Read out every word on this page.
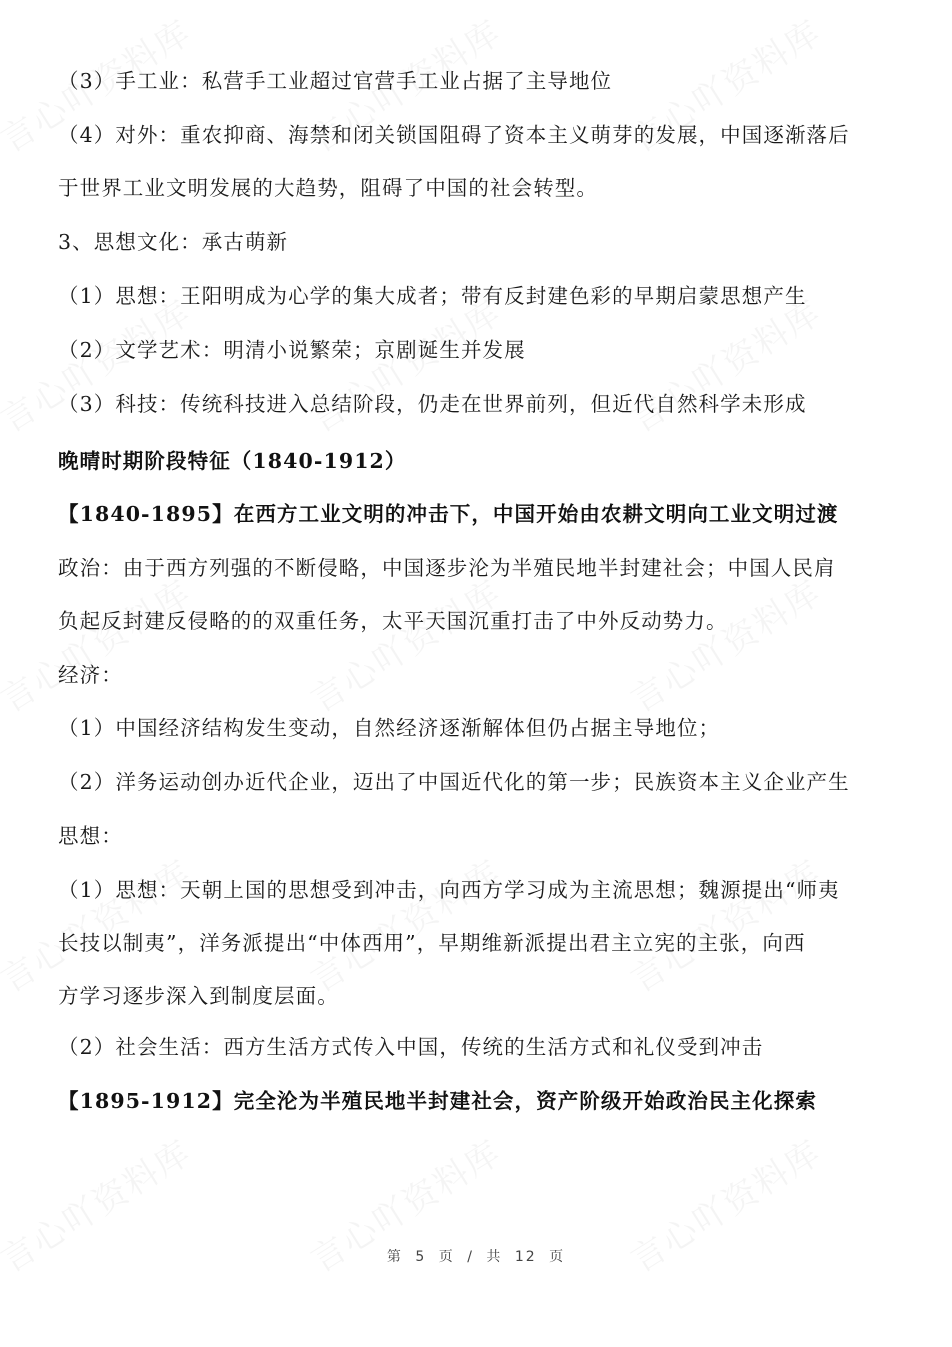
（3）手工业：私营手工业超过官营手工业占据了主导地位
（4）对外：重农抑商、海禁和闭关锁国阻碍了资本主义萌芽的发展，中国逐渐落后
于世界工业文明发展的大趋势，阻碍了中国的社会转型。
3、思想文化：承古萌新
（1）思想：王阳明成为心学的集大成者；带有反封建色彩的早期启蒙思想产生
（2）文学艺术：明清小说繁荣；京剧诞生并发展
（3）科技：传统科技进入总结阶段，仍走在世界前列，但近代自然科学未形成
晚晴时期阶段特征（1840-1912）
【1840-1895】在西方工业文明的冲击下，中国开始由农耕文明向工业文明过渡
政治：由于西方列强的不断侵略，中国逐步沦为半殖民地半封建社会；中国人民肩
负起反封建反侵略的的双重任务，太平天国沉重打击了中外反动势力。
经济：
（1）中国经济结构发生变动，自然经济逐渐解体但仍占据主导地位；
（2）洋务运动创办近代企业，迈出了中国近代化的第一步；民族资本主义企业产生
思想：
（1）思想：天朝上国的思想受到冲击，向西方学习成为主流思想；魏源提出“师夷
长技以制夷”，洋务派提出“中体西用”，早期维新派提出君主立宪的主张，向西
方学习逐步深入到制度层面。
（2）社会生活：西方生活方式传入中国，传统的生活方式和礼仪受到冲击
【1895-1912】完全沦为半殖民地半封建社会，资产阶级开始政治民主化探索
第 5 页 / 共 12 页
